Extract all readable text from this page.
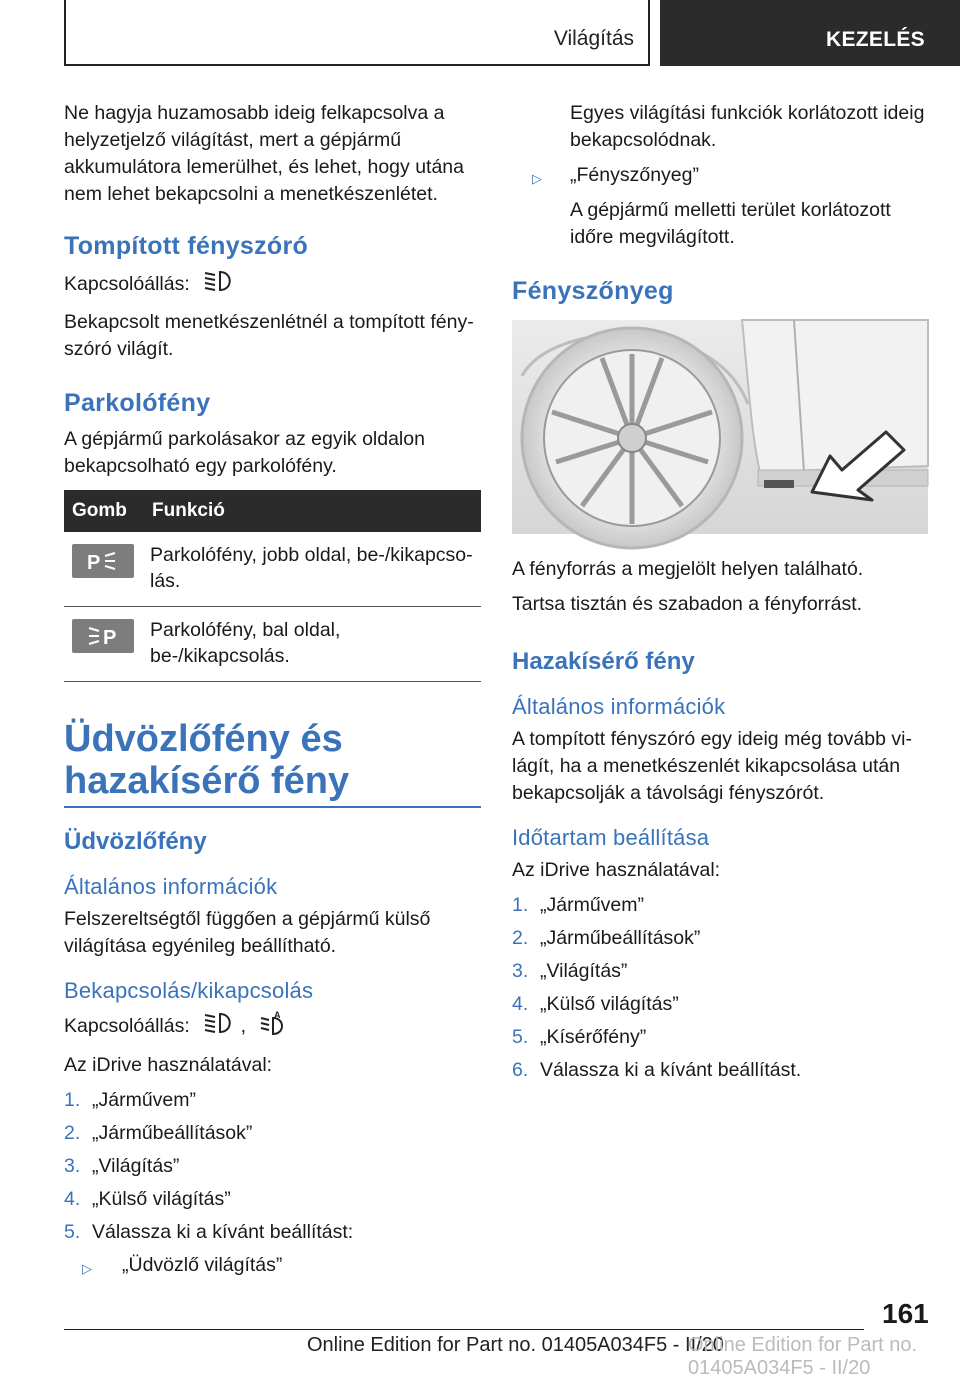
Világítás	KEZELÉS

Ne hagyja huzamosabb ideig felkapcsolva a helyzetjelző világítást, mert a gépjármű akkumulátora lemerülhet, és lehet, hogy utána nem lehet bekapcsolni a menetkészenlétet.

Tompított fényszóró

Kapcsolóállás:

Bekapcsolt menetkészenlétnél a tompított fényszóró világít.

Parkolófény

A gépjármű parkolásakor az egyik oldalon bekapcsolható egy parkolófény.

Gomb	Funkció

P	Parkolófény, jobb oldal, be-/kikapcsolás.

P	Parkolófény, bal oldal, be-/kikapcsolás.
Üdvözlőfény és hazakísérő fény
Üdvözlőfény
Általános információk

Felszereltségtől függően a gépjármű külső világítása egyénileg beállítható.

Bekapcsolás/kikapcsolás

Kapcsolóállás:	,
A

Az iDrive használatával:

1. „Járművem”
2. „Járműbeállítások”
3. „Világítás”
4. „Külső világítás”
5. Válassza ki a kívánt beállítást:
▷ „Üdvözlő világítás”

Egyes világítási funkciók korlátozott ideig bekapcsolódnak.

▷ „Fényszőnyeg”

A gépjármű melletti terület korlátozott időre megvilágított.

Fényszőnyeg

A fényforrás a megjelölt helyen található.

Tartsa tisztán és szabadon a fényforrást.

Hazakísérő fény
Általános információk

A tompított fényszóró egy ideig még tovább világít, ha a menetkészenlét kikapcsolása után bekapcsolják a távolsági fényszórót.

Időtartam beállítása

Az iDrive használatával:

1. „Járművem”
2. „Járműbeállítások”
3. „Világítás”
4. „Külső világítás”
5. „Kísérőfény”
6. Válassza ki a kívánt beállítást.
161
Online Edition for Part no. 01405A034F5 - II/20
Online Edition for Part no. 01405A034F5 - II/20
